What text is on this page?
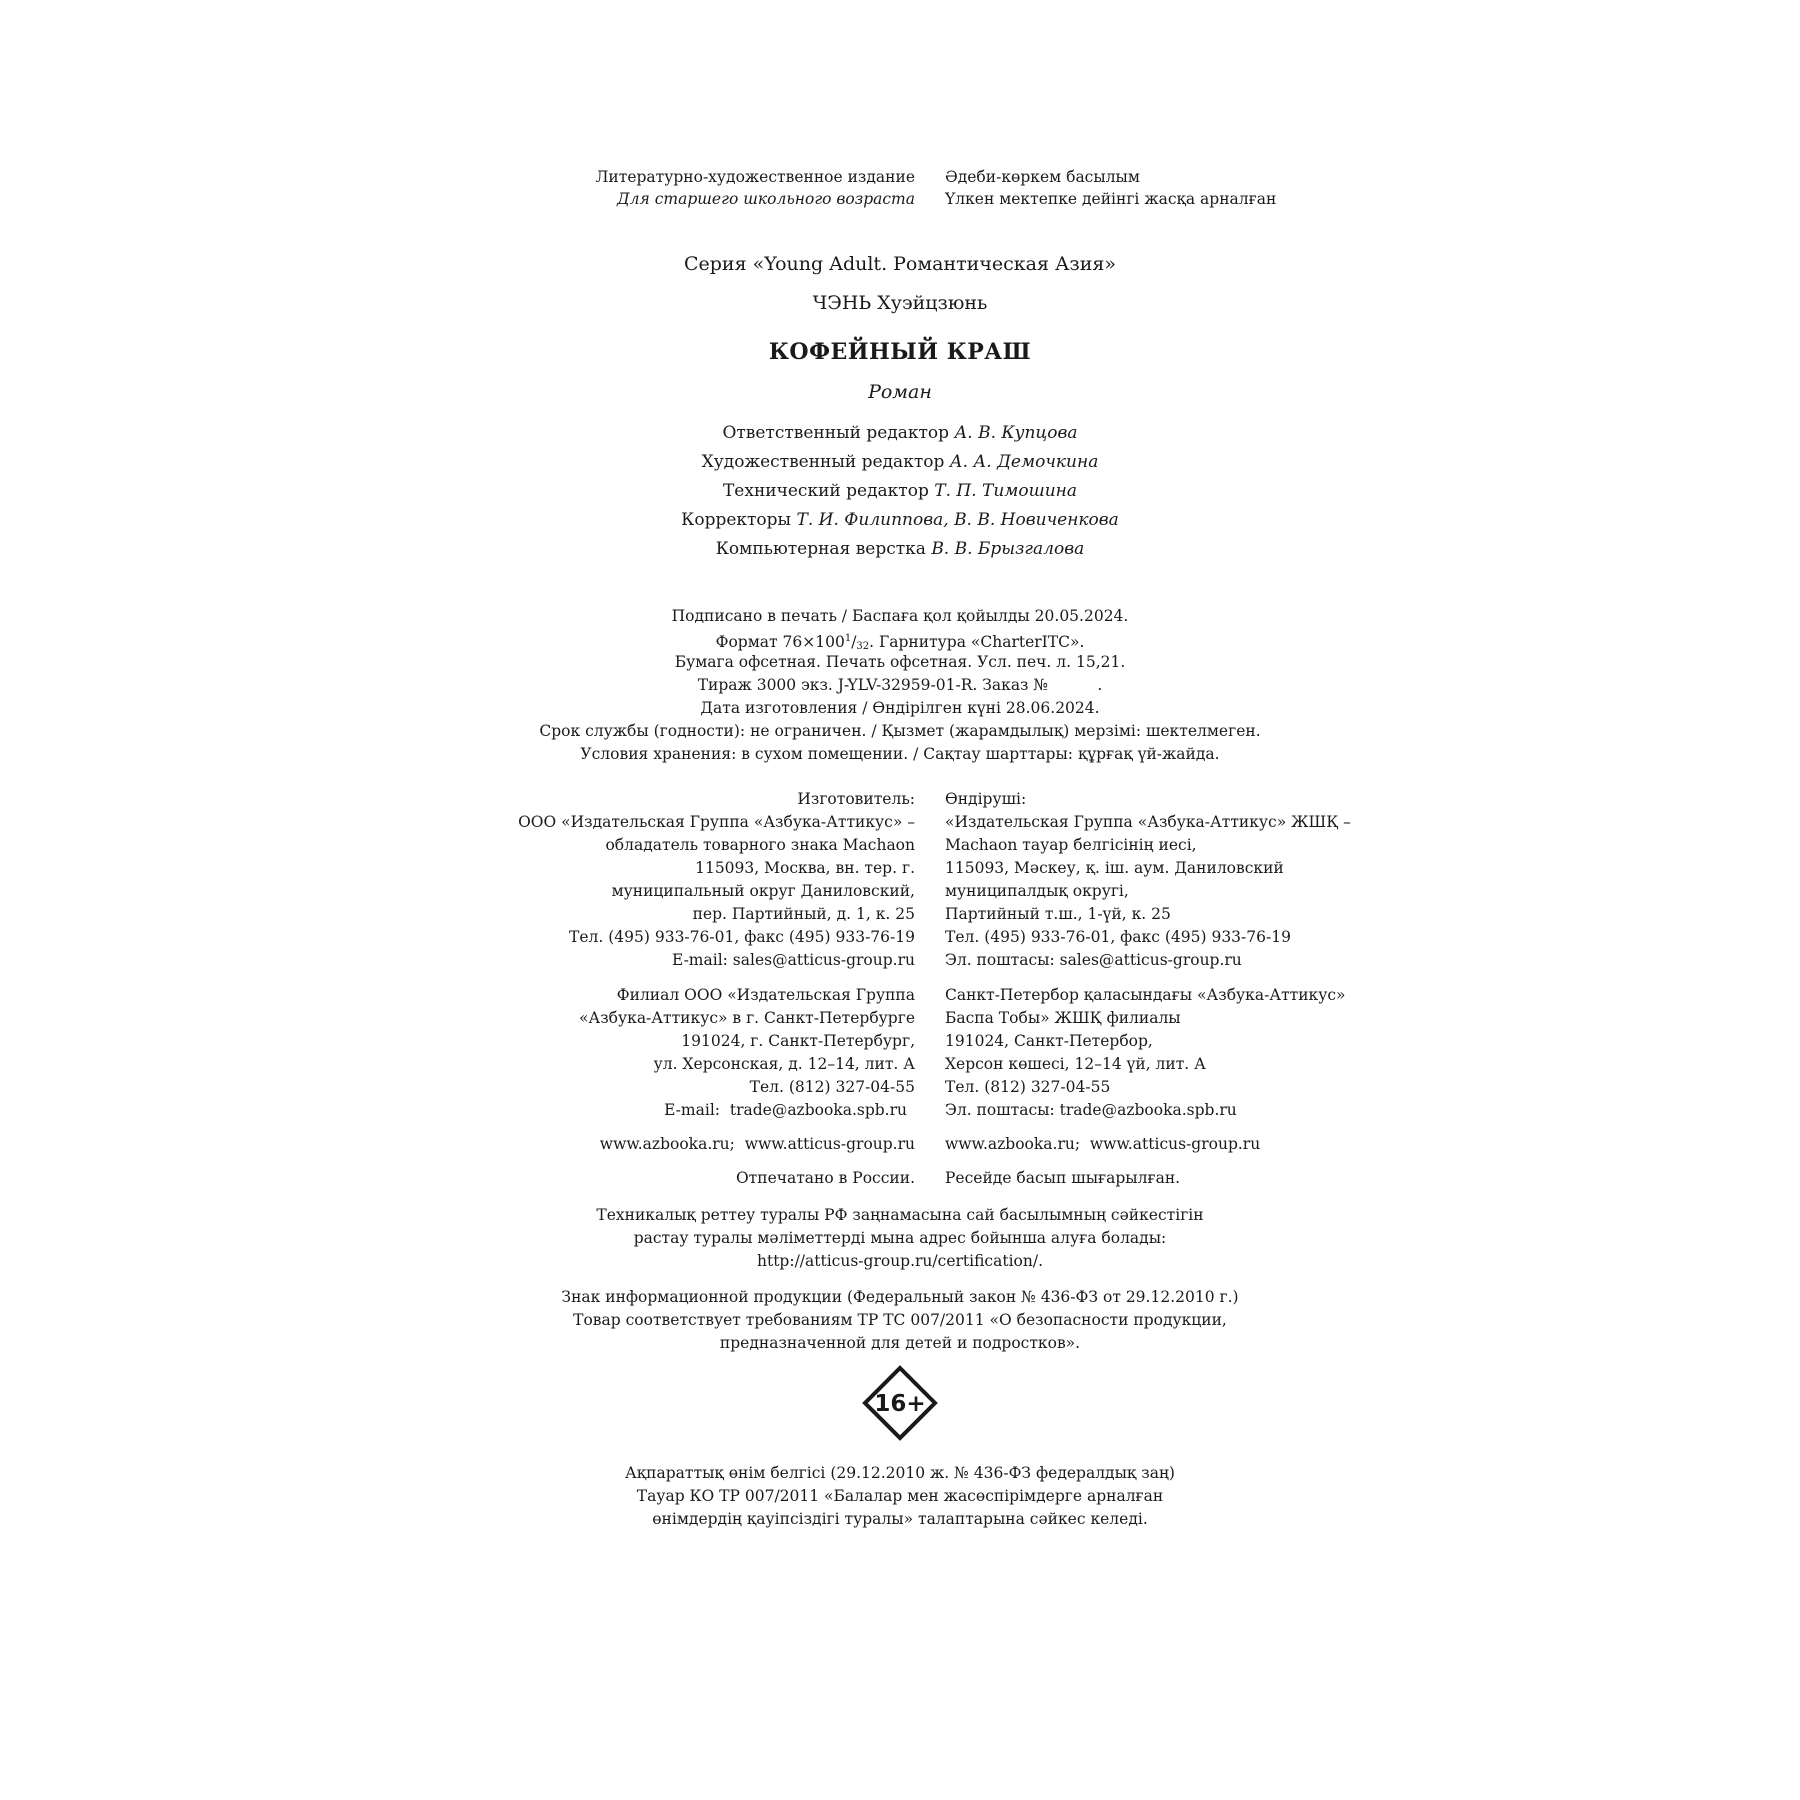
Литературно-художественное издание
Для старшего школьного возраста
Әдеби-көркем басылым
Үлкен мектепке дейінгі жасқа арналған
Серия «Young Adult. Романтическая Азия»
ЧЭНЬ Хуэйцзюнь
КОФЕЙНЫЙ КРАШ
Роман
Ответственный редактор А. В. Купцова
Художественный редактор А. А. Демочкина
Технический редактор Т. П. Тимошина
Корректоры Т. И. Филиппова, В. В. Новиченкова
Компьютерная верстка В. В. Брызгалова
Подписано в печать / Баспаға қол қойылды 20.05.2024.
Формат $76\times 100^1/_{32}$. Гарнитура «CharterITC».
Бумага офсетная. Печать офсетная. Усл. печ. л. 15,21.
Тираж 3000 экз. J-YLV-32959-01-R. Заказ №          .
Дата изготовления / Өндірілген күні 28.06.2024.
Срок службы (годности): не ограничен. / Қызмет (жарамдылық) мерзімі: шектелмеген.
Условия хранения: в сухом помещении. / Сақтау шарттары: құрғақ үй-жайда.
Изготовитель:
ООО «Издательская Группа «Азбука-Аттикус» –
обладатель товарного знака Machaon
115093, Москва, вн. тер. г.
муниципальный округ Даниловский,
пер. Партийный, д. 1, к. 25
Тел. (495) 933-76-01, факс (495) 933-76-19
E-mail: sales@atticus-group.ru
Өндіруші:
«Издательская Группа «Азбука-Аттикус» ЖШҚ –
Machaon тауар белгісінің иесі,
115093, Мәскеу, қ. іш. аум. Даниловский
муниципалдық округі,
Партийный т.ш., 1-үй, к. 25
Тел. (495) 933-76-01, факс (495) 933-76-19
Эл. поштасы: sales@atticus-group.ru
Филиал ООО «Издательская Группа
«Азбука-Аттикус» в г. Санкт-Петербурге
191024, г. Санкт-Петербург,
ул. Херсонская, д. 12–14, лит. А
Тел. (812) 327-04-55
E-mail:  trade@azbooka.spb.ru
Санкт-Петербор қаласындағы «Азбука-Аттикус»
Баспа Тобы» ЖШҚ филиалы
191024, Санкт-Петербор,
Херсон көшесі, 12–14 үй, лит. А
Тел. (812) 327-04-55
Эл. поштасы: trade@azbooka.spb.ru
www.azbooka.ru;  www.atticus-group.ru www.azbooka.ru;  www.atticus-group.ru
Отпечатано в России. Ресейде басып шығарылған.
Техникалық реттеу туралы РФ заңнамасына сай басылымның сәйкестігін
растау туралы мәліметтерді мына адрес бойынша алуға болады:
http://atticus-group.ru/certification/.
Знак информационной продукции (Федеральный закон № 436-ФЗ от 29.12.2010 г.)
Товар соответствует требованиям ТР ТС 007/2011 «О безопасности продукции,
предназначенной для детей и подростков».
16+
Ақпараттық өнім белгісі (29.12.2010 ж. № 436-ФЗ федералдық заң)
Тауар КО ТР 007/2011 «Балалар мен жасөспірімдерге арналған
өнімдердің қауіпсіздігі туралы» талаптарына сәйкес келеді.
